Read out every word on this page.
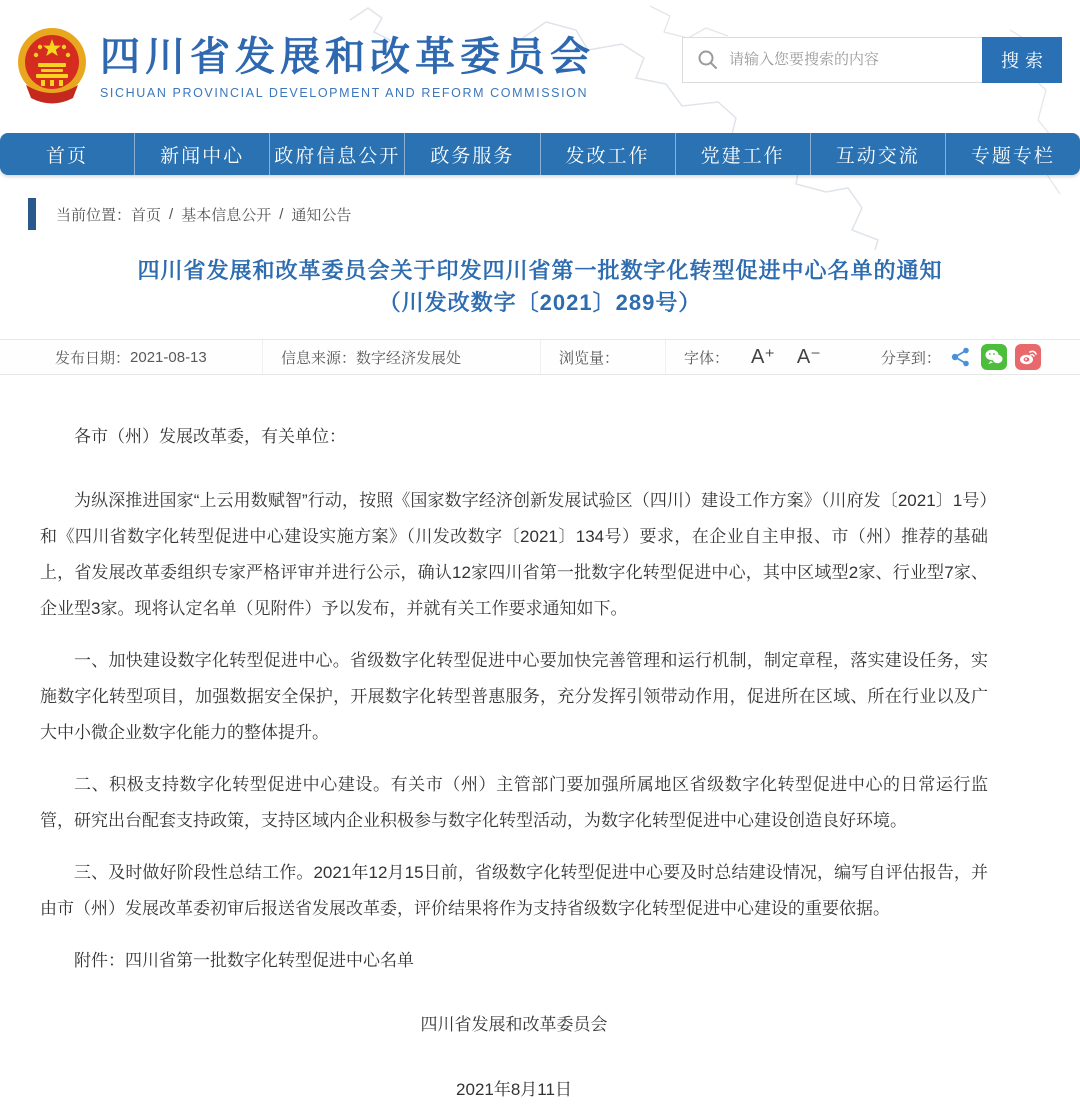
四川省发展和改革委员会
SICHUAN PROVINCIAL DEVELOPMENT AND REFORM COMMISSION
请输入您要搜索的内容
搜索
首页	新闻中心	政府信息公开	政务服务	发改工作	党建工作	互动交流	专题专栏
当前位置： 首页 / 基本信息公开 / 通知公告
四川省发展和改革委员会关于印发四川省第一批数字化转型促进中心名单的通知
（川发改数字〔2021〕289号）
发布日期： 2021-08-13	信息来源： 数字经济发展处	浏览量：	字体： A⁺ A⁻	分享到：

各市（州）发展改革委，有关单位：

为纵深推进国家“上云用数赋智”行动，按照《国家数字经济创新发展试验区（四川）建设工作方案》（川府发〔2021〕1号）和《四川省数字化转型促进中心建设实施方案》（川发改数字〔2021〕134号）要求，在企业自主申报、市（州）推荐的基础上，省发展改革委组织专家严格评审并进行公示，确认12家四川省第一批数字化转型促进中心，其中区域型2家、行业型7家、企业型3家。现将认定名单（见附件）予以发布，并就有关工作要求通知如下。

一、加快建设数字化转型促进中心。省级数字化转型促进中心要加快完善管理和运行机制，制定章程，落实建设任务，实施数字化转型项目，加强数据安全保护，开展数字化转型普惠服务，充分发挥引领带动作用，促进所在区域、所在行业以及广大中小微企业数字化能力的整体提升。

二、积极支持数字化转型促进中心建设。有关市（州）主管部门要加强所属地区省级数字化转型促进中心的日常运行监管，研究出台配套支持政策，支持区域内企业积极参与数字化转型活动，为数字化转型促进中心建设创造良好环境。

三、及时做好阶段性总结工作。2021年12月15日前，省级数字化转型促进中心要及时总结建设情况，编写自评估报告，并由市（州）发展改革委初审后报送省发展改革委，评价结果将作为支持省级数字化转型促进中心建设的重要依据。

附件：四川省第一批数字化转型促进中心名单

四川省发展和改革委员会
2021年8月11日
